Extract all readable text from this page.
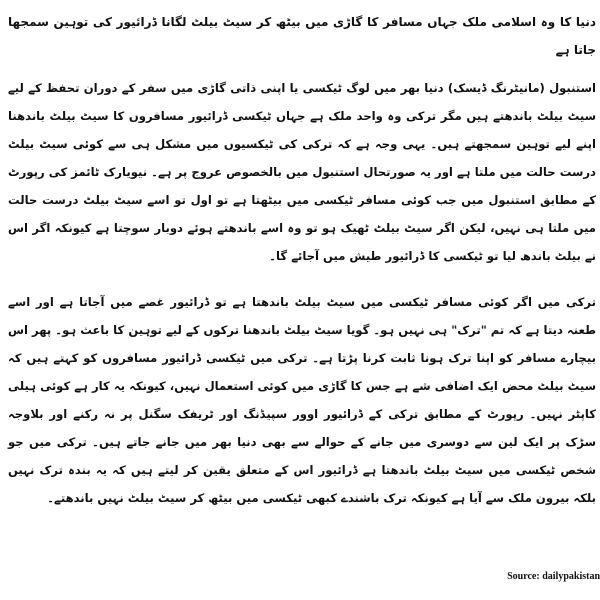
دنیا کا وہ اسلامی ملک جہاں مسافر کا گاڑی میں بیٹھ کر سیٹ بیلٹ لگانا ڈرائیور کی توہین سمجھا جاتا ہے

استنبول (مانیٹرنگ ڈیسک) دنیا بھر میں لوگ ٹیکسی یا اپنی ذاتی گاڑی میں سفر کے دوران تحفظ کے لیے سیٹ بیلٹ باندھتے ہیں مگر ترکی وہ واحد ملک ہے جہاں ٹیکسی ڈرائیور مسافروں کا سیٹ بیلٹ باندھنا اپنے لیے توہین سمجھتے ہیں۔ یہی وجہ ہے کہ ترکی کی ٹیکسیوں میں مشکل ہی سے کوئی سیٹ بیلٹ درست حالت میں ملتا ہے اور یہ صورتحال استنبول میں بالخصوص عروج پر ہے۔ نیویارک ٹائمز کی رپورٹ کے مطابق استنبول میں جب کوئی مسافر ٹیکسی میں بیٹھتا ہے تو اول تو اسے سیٹ بیلٹ درست حالت میں ملتا ہی نہیں، لیکن اگر سیٹ بیلٹ ٹھیک ہو تو وہ اسے باندھتے ہوئے دوبار سوچتا ہے کیونکہ اگر اس نے بیلٹ باندھ لیا تو ٹیکسی کا ڈرائیور طیش میں آجائے گا۔

ترکی میں اگر کوئی مسافر ٹیکسی میں سیٹ بیلٹ باندھتا ہے تو ڈرائیور غصے میں آجاتا ہے اور اسے طعنہ دیتا ہے کہ تم "ترک" ہی نہیں ہو۔ گویا سیٹ بیلٹ باندھنا ترکوں کے لیے توہین کا باعث ہو۔ پھر اس بیچارے مسافر کو اپنا ترک ہونا ثابت کرنا پڑتا ہے۔ ترکی میں ٹیکسی ڈرائیور مسافروں کو کہتے ہیں کہ سیٹ بیلٹ محض ایک اضافی شے ہے جس کا گاڑی میں کوئی استعمال نہیں، کیونکہ یہ کار ہے کوئی ہیلی کاپٹر نہیں۔ رپورٹ کے مطابق ترکی کے ڈرائیور اوور سپیڈنگ اور ٹریفک سگنل پر نہ رکنے اور بلاوجہ سڑک پر ایک لین سے دوسری میں جانے کے حوالے سے بھی دنیا بھر میں جانے جاتے ہیں۔ ترکی میں جو شخص ٹیکسی میں سیٹ بیلٹ باندھتا ہے ڈرائیور اس کے متعلق یقین کر لیتے ہیں کہ یہ بندہ ترک نہیں بلکہ بیرون ملک سے آیا ہے کیونکہ ترک باشندے کبھی ٹیکسی میں بیٹھ کر سیٹ بیلٹ نہیں باندھتے۔

Source: dailypakistan
